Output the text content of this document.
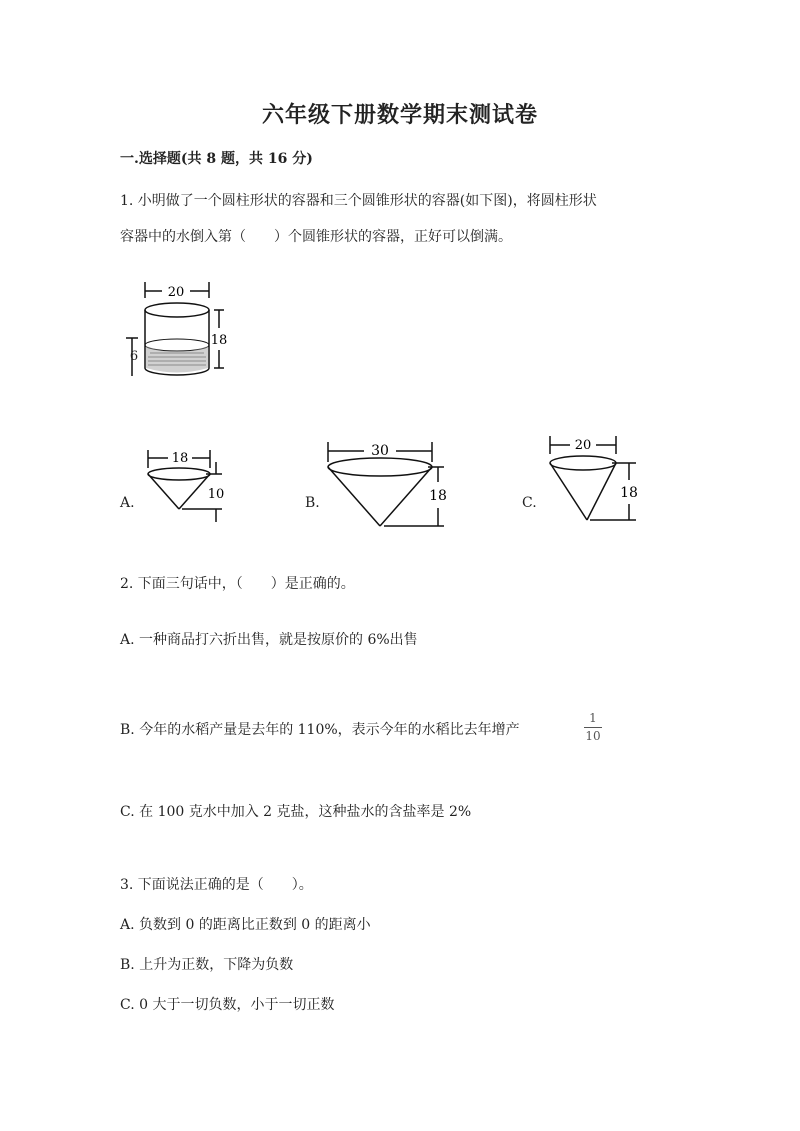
六年级下册数学期末测试卷
一.选择题(共 8 题，共 16 分)
1. 小明做了一个圆柱形状的容器和三个圆锥形状的容器(如下图)，将圆柱形状
容器中的水倒入第（　　）个圆锥形状的容器，正好可以倒满。
20
18
6
A.
18
10
B.
30
18	C.
20
18
2. 下面三句话中，（　　）是正确的。
A. 一种商品打六折出售，就是按原价的 6%出售
B. 今年的水稻产量是去年的 110%，表示今年的水稻比去年增产
1
10
C. 在 100 克水中加入 2 克盐，这种盐水的含盐率是 2%
3. 下面说法正确的是（　　）。
A. 负数到 0 的距离比正数到 0 的距离小
B. 上升为正数，下降为负数
C. 0 大于一切负数，小于一切正数
